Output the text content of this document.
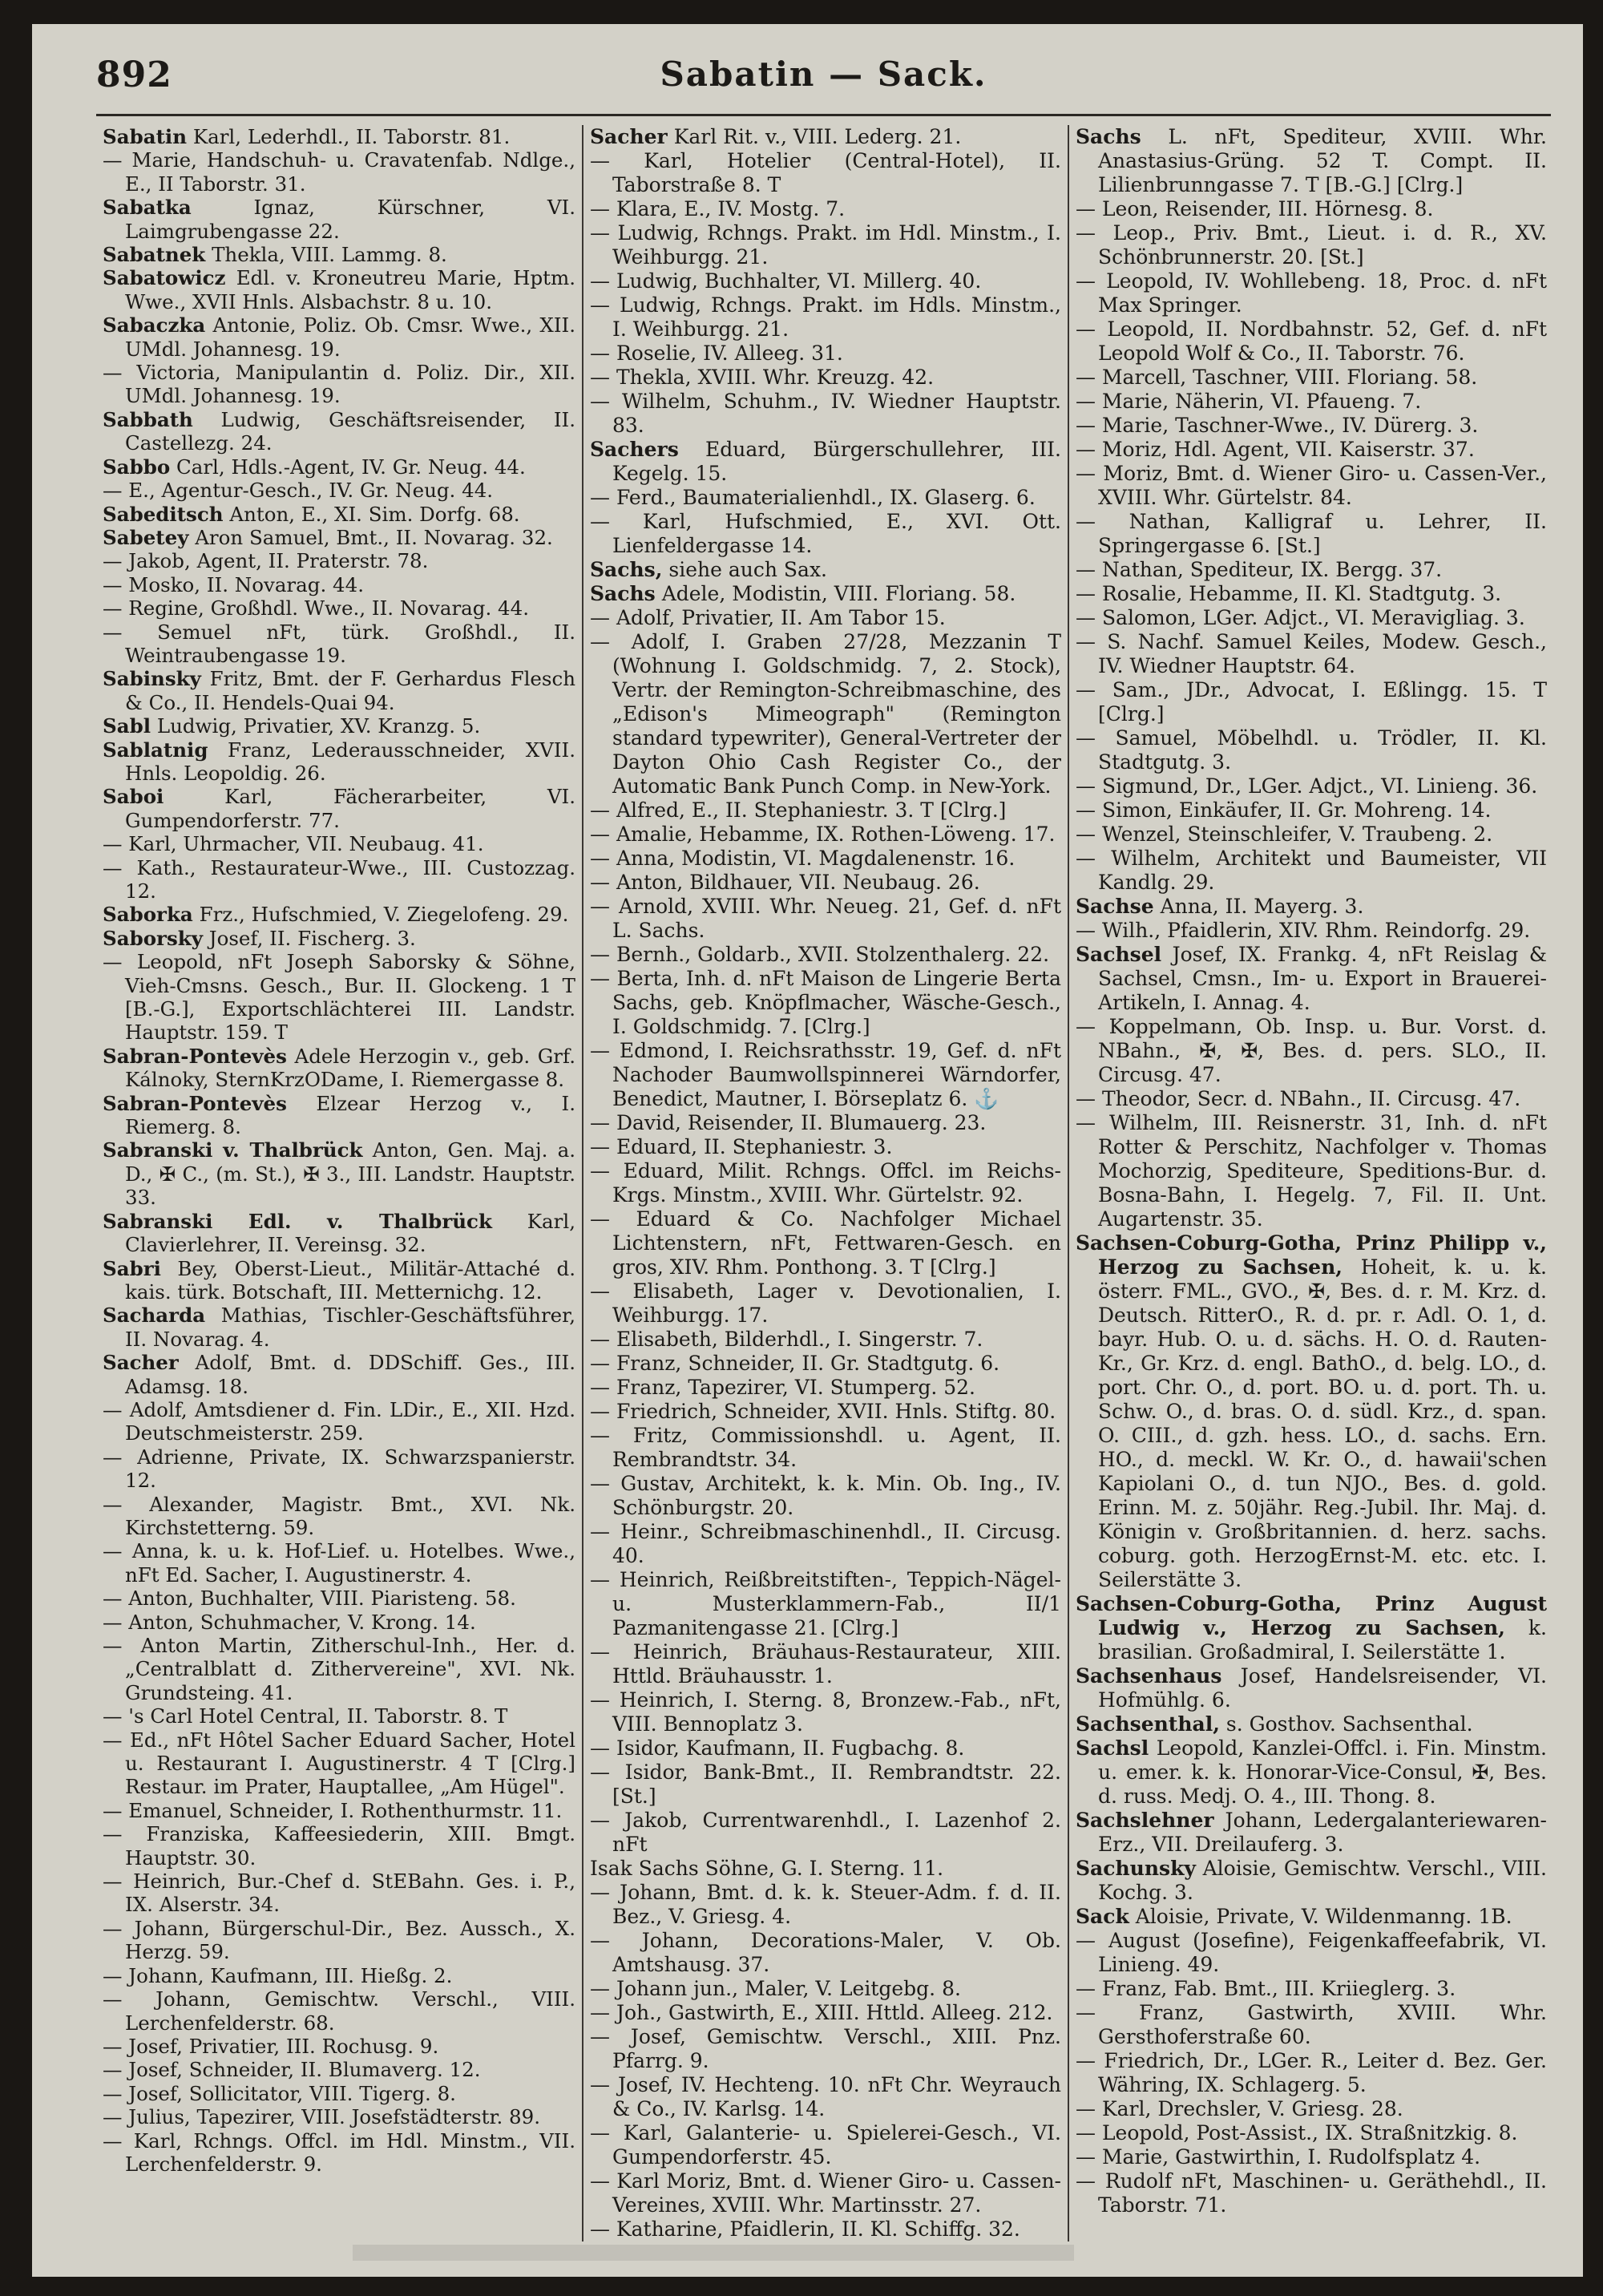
892	Sabatin — Sack.
Sabatin Karl, Lederhdl., II. Taborstr. 81.
— Marie, Handschuh- u. Cravatenfab. Ndlge., E., II Taborstr. 31.
Sabatka	Ignaz, Kürschner, VI. Laimgrubengasse 22.
Sabatnek Thekla, VIII. Lammg. 8.
Sabatowicz Edl. v. Kroneutreu Marie, Hptm. Wwe., XVII Hnls. Alsbachstr. 8 u. 10.
Sabaczka Antonie, Poliz. Ob. Cmsr. Wwe., XII. UMdl. Johannesg. 19.
— Victoria, Manipulantin d. Poliz. Dir., XII. UMdl. Johannesg. 19.
Sabbath Ludwig, Geschäftsreisender, II. Castellezg. 24.
Sabbo Carl, Hdls.-Agent, IV. Gr. Neug. 44.
— E., Agentur-Gesch., IV. Gr. Neug. 44.
Sabeditsch Anton, E., XI. Sim. Dorfg. 68.
Sabetey Aron Samuel, Bmt., II. Novarag. 32.
— Jakob, Agent, II. Praterstr. 78.
— Mosko, II. Novarag. 44.
— Regine, Großhdl. Wwe., II. Novarag. 44.
— Semuel nFt, türk. Großhdl., II. Weintraubengasse 19.
Sabinsky Fritz, Bmt. der F. Gerhardus Flesch & Co., II. Hendels-Quai 94.
Sabl Ludwig, Privatier, XV. Kranzg. 5.
Sablatnig Franz, Lederausschneider, XVII. Hnls. Leopoldig. 26.
Saboi	Karl, Fächerarbeiter, VI. Gumpendorferstr. 77.
— Karl, Uhrmacher, VII. Neubaug. 41.
— Kath., Restaurateur-Wwe., III. Custozzag. 12.
Saborka Frz., Hufschmied, V. Ziegelofeng. 29.
Saborsky Josef, II. Fischerg. 3.
— Leopold, nFt Joseph Saborsky & Söhne, Vieh-Cmsns. Gesch., Bur. II. Glockeng. 1 T [B.-G.], Exportschlächterei III. Landstr. Hauptstr. 159. T
Sabran-Pontevès Adele Herzogin v., geb. Grf. Kálnoky, SternKrzODame, I. Riemergasse 8.
Sabran-Pontevès Elzear Herzog v., I. Riemerg. 8.
Sabranski v. Thalbrück Anton, Gen. Maj. a. D., ✠ C., (m. St.), ✠ 3., III. Landstr. Hauptstr. 33.
Sabranski Edl. v. Thalbrück Karl, Clavierlehrer, II. Vereinsg. 32.
Sabri Bey, Oberst-Lieut., Militär-Attaché d. kais. türk. Botschaft, III. Metternichg. 12.
Sacharda Mathias, Tischler-Geschäftsführer, II. Novarag. 4.
Sacher Adolf, Bmt. d. DDSchiff. Ges., III. Adamsg. 18.
— Adolf, Amtsdiener d. Fin. LDir., E., XII. Hzd. Deutschmeisterstr. 259.
— Adrienne, Private, IX. Schwarzspanierstr. 12.
— Alexander, Magistr. Bmt., XVI. Nk. Kirchstetterng. 59.
— Anna, k. u. k. Hof-Lief. u. Hotelbes. Wwe., nFt Ed. Sacher, I. Augustinerstr. 4.
— Anton, Buchhalter, VIII. Piaristeng. 58.
— Anton, Schuhmacher, V. Krong. 14.
— Anton Martin, Zitherschul-Inh., Her. d. „Centralblatt d. Zithervereine", XVI. Nk. Grundsteing. 41.
— 's Carl Hotel Central, II. Taborstr. 8. T
— Ed., nFt Hôtel Sacher Eduard Sacher, Hotel u. Restaurant I. Augustinerstr. 4 T [Clrg.] Restaur. im Prater, Hauptallee, „Am Hügel".
— Emanuel, Schneider, I. Rothenthurmstr. 11.
— Franziska, Kaffeesiederin, XIII. Bmgt. Hauptstr. 30.
— Heinrich, Bur.-Chef d. StEBahn. Ges. i. P., IX. Alserstr. 34.
— Johann, Bürgerschul-Dir., Bez. Aussch., X. Herzg. 59.
— Johann, Kaufmann, III. Hießg. 2.
— Johann, Gemischtw. Verschl., VIII. Lerchenfelderstr. 68.
— Josef, Privatier, III. Rochusg. 9.
— Josef, Schneider, II. Blumaverg. 12.
— Josef, Sollicitator, VIII. Tigerg. 8.
— Julius, Tapezirer, VIII. Josefstädterstr. 89.
— Karl, Rchngs. Offcl. im Hdl. Minstm., VII. Lerchenfelderstr. 9.
Sacher Karl Rit. v., VIII. Lederg. 21.
— Karl, Hotelier (Central-Hotel), II. Taborstraße 8. T
— Klara, E., IV. Mostg. 7.
— Ludwig, Rchngs. Prakt. im Hdl. Minstm., I. Weihburgg. 21.
— Ludwig, Buchhalter, VI. Millerg. 40.
— Ludwig, Rchngs. Prakt. im Hdls. Minstm., I. Weihburgg. 21.
— Roselie, IV. Alleeg. 31.
— Thekla, XVIII. Whr. Kreuzg. 42.
— Wilhelm, Schuhm., IV. Wiedner Hauptstr. 83.
Sachers Eduard, Bürgerschullehrer, III. Kegelg. 15.
— Ferd., Baumaterialienhdl., IX. Glaserg. 6.
— Karl, Hufschmied, E., XVI. Ott. Lienfeldergasse 14.
Sachs, siehe auch Sax.
Sachs Adele, Modistin, VIII. Floriang. 58.
— Adolf, Privatier, II. Am Tabor 15.
— Adolf, I. Graben 27/28, Mezzanin T (Wohnung I. Goldschmidg. 7, 2. Stock), Vertr. der Remington-Schreibmaschine, des „Edison's Mimeograph" (Remington standard typewriter), General-Vertreter der Dayton Ohio Cash Register Co., der Automatic Bank Punch Comp. in New-York.
— Alfred, E., II. Stephaniestr. 3. T [Clrg.]
— Amalie, Hebamme, IX. Rothen-Löweng. 17.
— Anna, Modistin, VI. Magdalenenstr. 16.
— Anton, Bildhauer, VII. Neubaug. 26.
— Arnold, XVIII. Whr. Neueg. 21, Gef. d. nFt L. Sachs.
— Bernh., Goldarb., XVII. Stolzenthalerg. 22.
— Berta, Inh. d. nFt Maison de Lingerie Berta Sachs, geb. Knöpflmacher, Wäsche-Gesch., I. Goldschmidg. 7. [Clrg.]
— Edmond, I. Reichsrathsstr. 19, Gef. d. nFt Nachoder Baumwollspinnerei Wärndorfer, Benedict, Mautner, I. Börseplatz 6. ⚓
— David, Reisender, II. Blumauerg. 23.
— Eduard, II. Stephaniestr. 3.
— Eduard, Milit. Rchngs. Offcl. im Reichs-Krgs. Minstm., XVIII. Whr. Gürtelstr. 92.
— Eduard & Co. Nachfolger Michael Lichtenstern, nFt, Fettwaren-Gesch. en gros, XIV. Rhm. Ponthong. 3. T [Clrg.]
— Elisabeth, Lager v. Devotionalien, I. Weihburgg. 17.
— Elisabeth, Bilderhdl., I. Singerstr. 7.
— Franz, Schneider, II. Gr. Stadtgutg. 6.
— Franz, Tapezirer, VI. Stumperg. 52.
— Friedrich, Schneider, XVII. Hnls. Stiftg. 80.
— Fritz, Commissionshdl. u. Agent, II. Rembrandtstr. 34.
— Gustav, Architekt, k. k. Min. Ob. Ing., IV. Schönburgstr. 20.
— Heinr., Schreibmaschinenhdl., II. Circusg. 40.
— Heinrich, Reißbreitstiften-, Teppich-Nägel- u. Musterklammern-Fab., II/1 Pazmanitengasse 21. [Clrg.]
— Heinrich, Bräuhaus-Restaurateur, XIII. Httld. Bräuhausstr. 1.
— Heinrich, I. Sterng. 8, Bronzew.-Fab., nFt, VIII. Bennoplatz 3.
— Isidor, Kaufmann, II. Fugbachg. 8.
— Isidor, Bank-Bmt., II. Rembrandtstr. 22. [St.]
— Jakob, Currentwarenhdl., I. Lazenhof 2. nFt
Isak Sachs Söhne, G. I. Sterng. 11.
— Johann, Bmt. d. k. k. Steuer-Adm. f. d. II. Bez., V. Griesg. 4.
— Johann, Decorations-Maler, V. Ob. Amtshausg. 37.
— Johann jun., Maler, V. Leitgebg. 8.
— Joh., Gastwirth, E., XIII. Httld. Alleeg. 212.
— Josef, Gemischtw. Verschl., XIII. Pnz. Pfarrg. 9.
— Josef, IV. Hechteng. 10. nFt Chr. Weyrauch & Co., IV. Karlsg. 14.
— Karl, Galanterie- u. Spielerei-Gesch., VI. Gumpendorferstr. 45.
— Karl Moriz, Bmt. d. Wiener Giro- u. Cassen-Vereines, XVIII. Whr. Martinsstr. 27.
— Katharine, Pfaidlerin, II. Kl. Schiffg. 32.
Sachs L. nFt, Spediteur, XVIII. Whr. Anastasius-Grüng. 52 T. Compt. II. Lilienbrunngasse 7. T [B.-G.] [Clrg.]
— Leon, Reisender, III. Hörnesg. 8.
— Leop., Priv. Bmt., Lieut. i. d. R., XV. Schönbrunnerstr. 20. [St.]
— Leopold, IV. Wohllebeng. 18, Proc. d. nFt Max Springer.
— Leopold, II. Nordbahnstr. 52, Gef. d. nFt Leopold Wolf & Co., II. Taborstr. 76.
— Marcell, Taschner, VIII. Floriang. 58.
— Marie, Näherin, VI. Pfaueng. 7.
— Marie, Taschner-Wwe., IV. Dürerg. 3.
— Moriz, Hdl. Agent, VII. Kaiserstr. 37.
— Moriz, Bmt. d. Wiener Giro- u. Cassen-Ver., XVIII. Whr. Gürtelstr. 84.
— Nathan, Kalligraf u. Lehrer, II. Springergasse 6. [St.]
— Nathan, Spediteur, IX. Bergg. 37.
— Rosalie, Hebamme, II. Kl. Stadtgutg. 3.
— Salomon, LGer. Adjct., VI. Meravigliag. 3.
— S. Nachf. Samuel Keiles, Modew. Gesch., IV. Wiedner Hauptstr. 64.
— Sam., JDr., Advocat, I. Eßlingg. 15. T [Clrg.]
— Samuel, Möbelhdl. u. Trödler, II. Kl. Stadtgutg. 3.
— Sigmund, Dr., LGer. Adjct., VI. Linieng. 36.
— Simon, Einkäufer, II. Gr. Mohreng. 14.
— Wenzel, Steinschleifer, V. Traubeng. 2.
— Wilhelm, Architekt und Baumeister, VII Kandlg. 29.
Sachse Anna, II. Mayerg. 3.
— Wilh., Pfaidlerin, XIV. Rhm. Reindorfg. 29.
Sachsel Josef, IX. Frankg. 4, nFt Reislag & Sachsel, Cmsn., Im- u. Export in Brauerei-Artikeln, I. Annag. 4.
— Koppelmann, Ob. Insp. u. Bur. Vorst. d. NBahn., ✠, ✠, Bes. d. pers. SLO., II. Circusg. 47.
— Theodor, Secr. d. NBahn., II. Circusg. 47.
— Wilhelm, III. Reisnerstr. 31, Inh. d. nFt Rotter & Perschitz, Nachfolger v. Thomas Mochorzig, Spediteure, Speditions-Bur. d. Bosna-Bahn, I. Hegelg. 7, Fil. II. Unt. Augartenstr. 35.
Sachsen-Coburg-Gotha, Prinz Philipp v., Herzog zu Sachsen, Hoheit, k. u. k. österr. FML., GVO., ✠, Bes. d. r. M. Krz. d. Deutsch. RitterO., R. d. pr. r. Adl. O. 1, d. bayr. Hub. O. u. d. sächs. H. O. d. Rauten-Kr., Gr. Krz. d. engl. BathO., d. belg. LO., d. port. Chr. O., d. port. BO. u. d. port. Th. u. Schw. O., d. bras. O. d. südl. Krz., d. span. O. CIII., d. gzh. hess. LO., d. sachs. Ern. HO., d. meckl. W. Kr. O., d. hawaii'schen Kapiolani O., d. tun NJO., Bes. d. gold. Erinn. M. z. 50jähr. Reg.-Jubil. Ihr. Maj. d. Königin v. Großbritannien. d. herz. sachs. coburg. goth. HerzogErnst-M. etc. etc. I. Seilerstätte 3.
Sachsen-Coburg-Gotha, Prinz August Ludwig v., Herzog zu Sachsen, k. brasilian. Großadmiral, I. Seilerstätte 1.
Sachsenhaus Josef, Handelsreisender, VI. Hofmühlg. 6.
Sachsenthal, s. Gosthov. Sachsenthal.
Sachsl Leopold, Kanzlei-Offcl. i. Fin. Minstm. u. emer. k. k. Honorar-Vice-Consul, ✠, Bes. d. russ. Medj. O. 4., III. Thong. 8.
Sachslehner Johann, Ledergalanteriewaren-Erz., VII. Dreilauferg. 3.
Sachunsky Aloisie, Gemischtw. Verschl., VIII. Kochg. 3.
Sack Aloisie, Private, V. Wildenmanng. 1B.
— August (Josefine), Feigenkaffeefabrik, VI. Linieng. 49.
— Franz, Fab. Bmt., III. Kriieglerg. 3.
— Franz, Gastwirth, XVIII. Whr. Gersthoferstraße 60.
— Friedrich, Dr., LGer. R., Leiter d. Bez. Ger. Währing, IX. Schlagerg. 5.
— Karl, Drechsler, V. Griesg. 28.
— Leopold, Post-Assist., IX. Straßnitzkig. 8.
— Marie, Gastwirthin, I. Rudolfsplatz 4.
— Rudolf nFt, Maschinen- u. Geräthehdl., II. Taborstr. 71.
